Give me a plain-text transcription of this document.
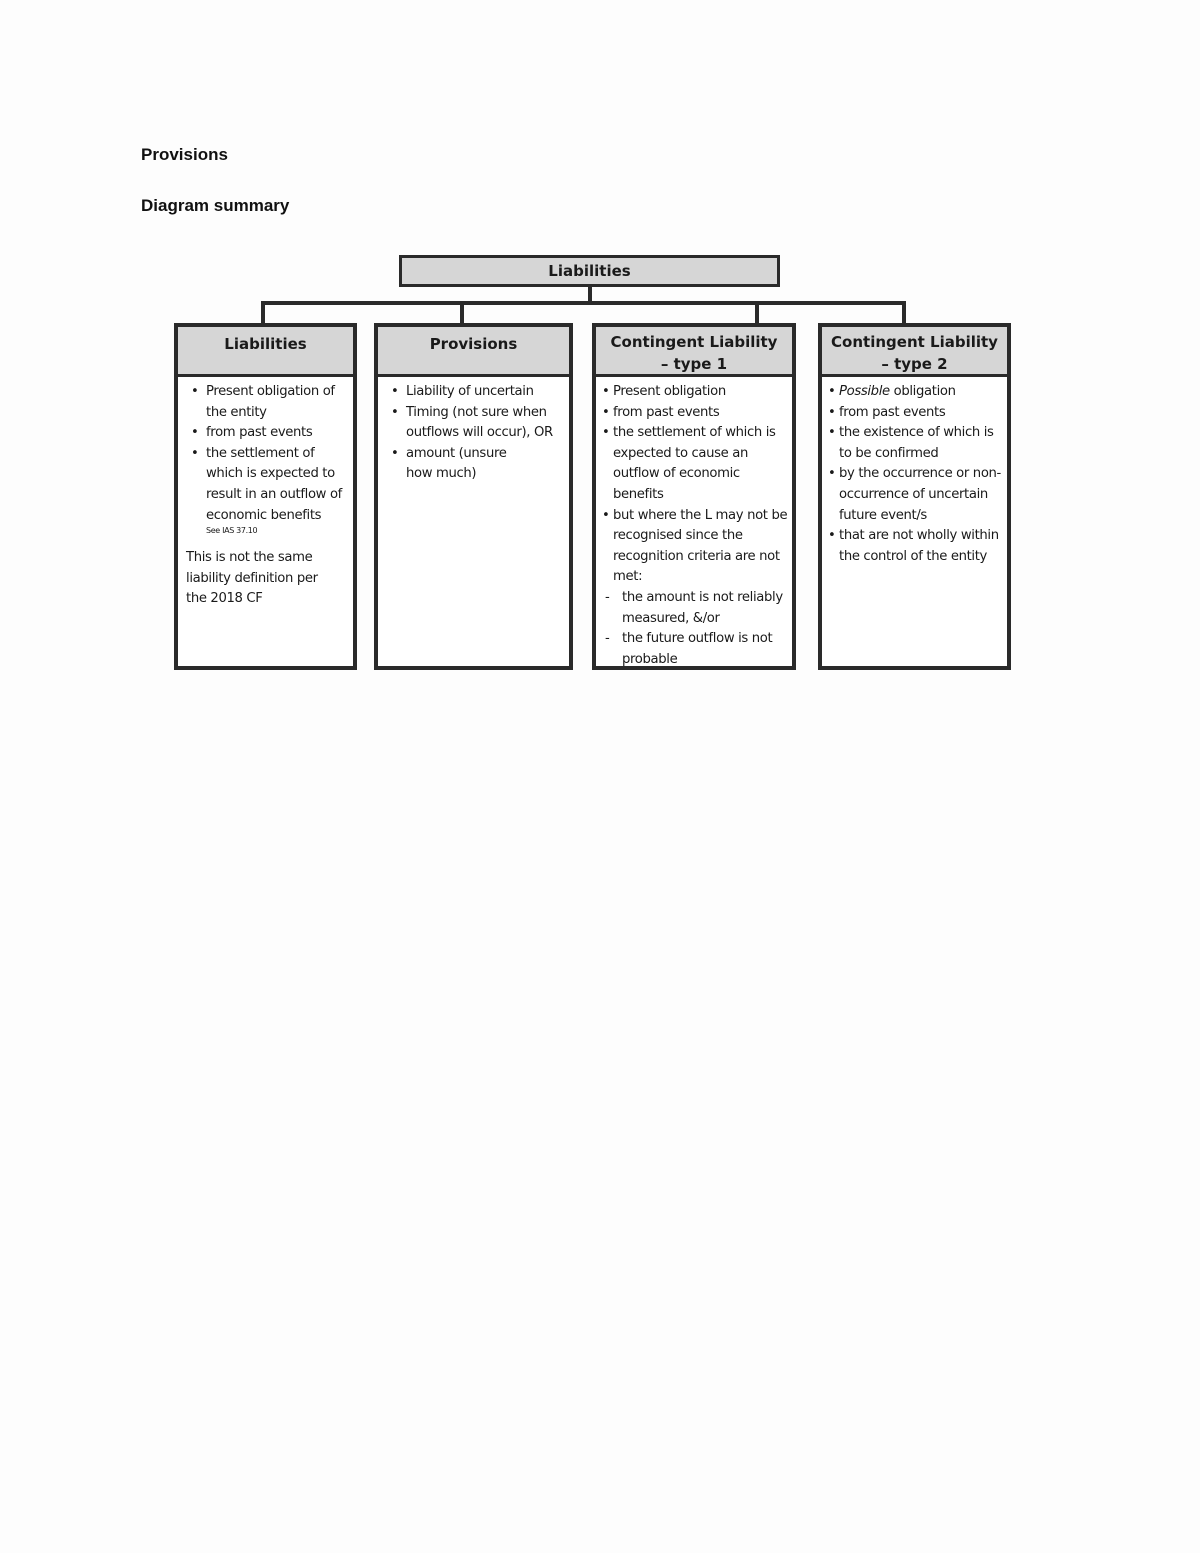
Provisions
Diagram summary
Liabilities
Liabilities
• Present obligation of the entity
• from past events
• the settlement of which is expected to result in an outflow of economic benefits
See IAS 37.10
This is not the same liability definition per the 2018 CF
Provisions
• Liability of uncertain
• Timing (not sure when outflows will occur), OR
• amount (unsure how much)
Contingent Liability
– type 1
• Present obligation
• from past events
• the settlement of which is expected to cause an outflow of economic benefits
• but where the L may not be recognised since the recognition criteria are not met:
- the amount is not reliably measured, &/or
- the future outflow is not probable
Contingent Liability
– type 2
• Possible obligation
• from past events
• the existence of which is to be confirmed
• by the occurrence or non-occurrence of uncertain future event/s
• that are not wholly within the control of the entity
